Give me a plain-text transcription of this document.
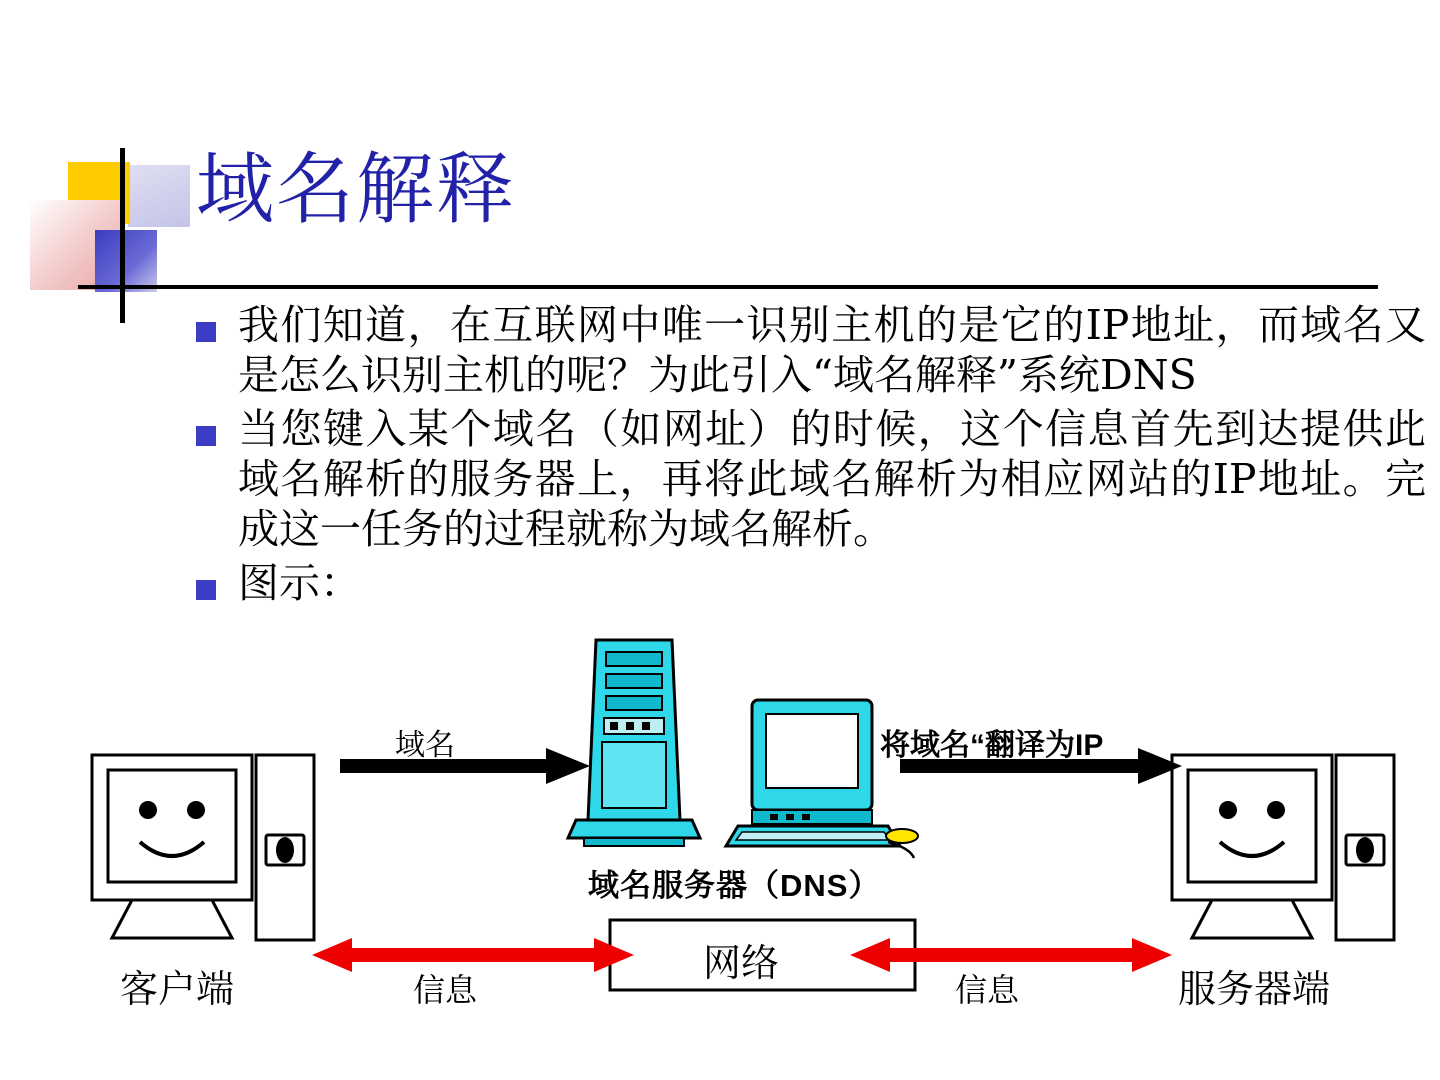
域名解释
我们知道，在互联网中唯一识别主机的是它的IP地址，而域名又是怎么识别主机的呢？为此引入“域名解释”系统DNS
当您键入某个域名（如网址）的时候，这个信息首先到达提供此域名解析的服务器上，再将此域名解析为相应网站的IP地址。完成这一任务的过程就称为域名解析。
图示：
域名	将域名“翻译为IP
域名服务器（DNS）
客户端	服务器端
网络
信息	信息
